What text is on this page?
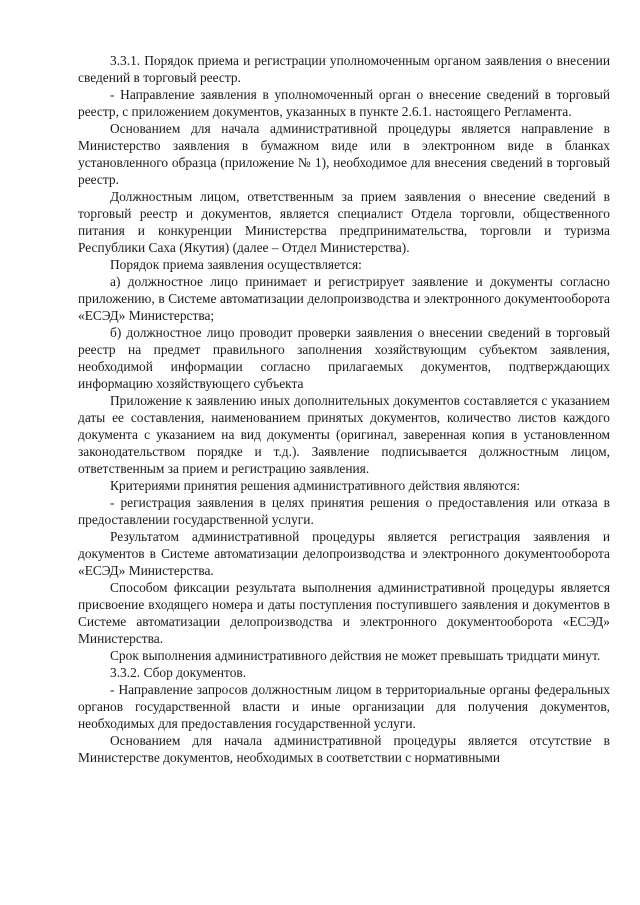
3.3.1. Порядок приема и регистрации уполномоченным органом заявления о внесении сведений в торговый реестр.

- Направление заявления в уполномоченный орган о внесение сведений в торговый реестр, с приложением документов, указанных в пункте 2.6.1. настоящего Регламента.

Основанием для начала административной процедуры является направление в Министерство заявления в бумажном виде или в электронном виде в бланках установленного образца (приложение № 1), необходимое для внесения сведений в торговый реестр.

Должностным лицом, ответственным за прием заявления о внесение сведений в торговый реестр и документов, является специалист Отдела торговли, общественного питания и конкуренции Министерства предпринимательства, торговли и туризма Республики Саха (Якутия) (далее – Отдел Министерства).

Порядок приема заявления осуществляется:

а) должностное лицо принимает и регистрирует заявление и документы согласно приложению, в Системе автоматизации делопроизводства и электронного документооборота «ЕСЭД» Министерства;

б) должностное лицо проводит проверки заявления о внесении сведений в торговый реестр на предмет правильного заполнения хозяйствующим субъектом заявления, необходимой информации согласно прилагаемых документов, подтверждающих информацию хозяйствующего субъекта

Приложение к заявлению иных дополнительных документов составляется с указанием даты ее составления, наименованием принятых документов, количество листов каждого документа с указанием на вид документы (оригинал, заверенная копия в установленном законодательством порядке и т.д.). Заявление подписывается должностным лицом, ответственным за прием и регистрацию заявления.

Критериями принятия решения административного действия являются:

- регистрация заявления в целях принятия решения о предоставления или отказа в предоставлении государственной услуги.

Результатом административной процедуры является регистрация заявления и документов в Системе автоматизации делопроизводства и электронного документооборота «ЕСЭД» Министерства.

Способом фиксации результата выполнения административной процедуры является присвоение входящего номера и даты поступления поступившего заявления и документов в Системе автоматизации делопроизводства и электронного документооборота «ЕСЭД» Министерства.

Срок выполнения административного действия не может превышать тридцати минут.

3.3.2. Сбор документов.

- Направление запросов должностным лицом в территориальные органы федеральных органов государственной власти и иные организации для получения документов, необходимых для предоставления государственной услуги.

Основанием для начала административной процедуры является отсутствие в Министерстве документов, необходимых в соответствии с нормативными
